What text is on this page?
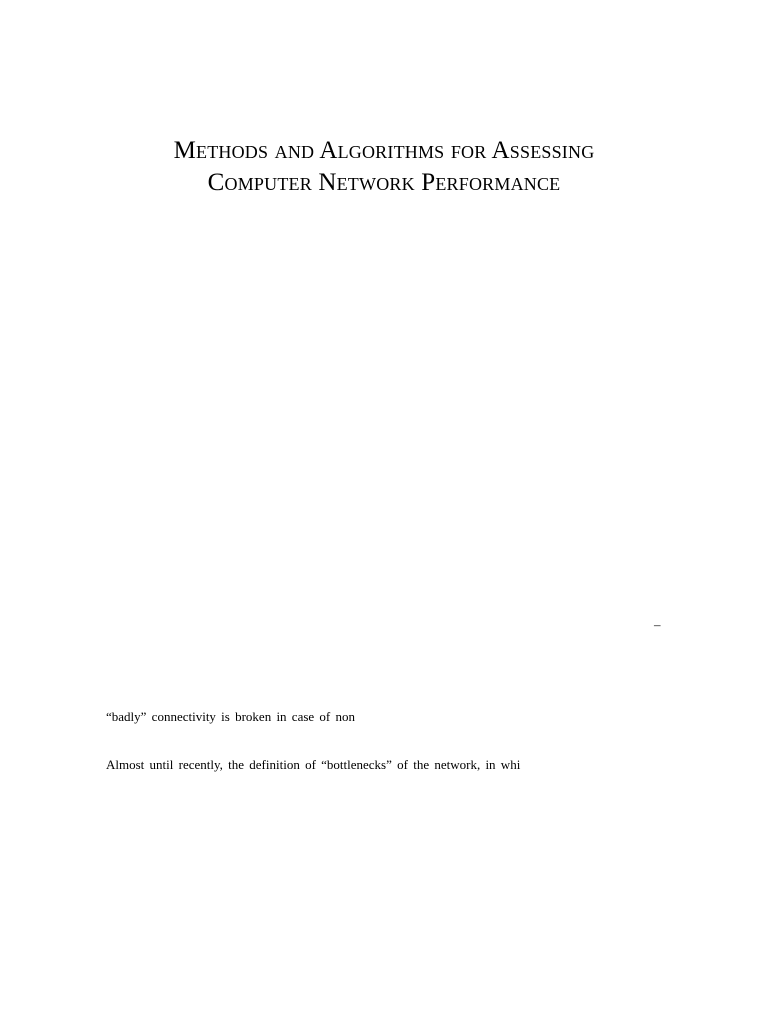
Methods and Algorithms for Assessing
Computer Network Performance
–

“badly” connectivity is broken in case of non

Almost until recently, the definition of “bottlenecks” of the network, in whi
